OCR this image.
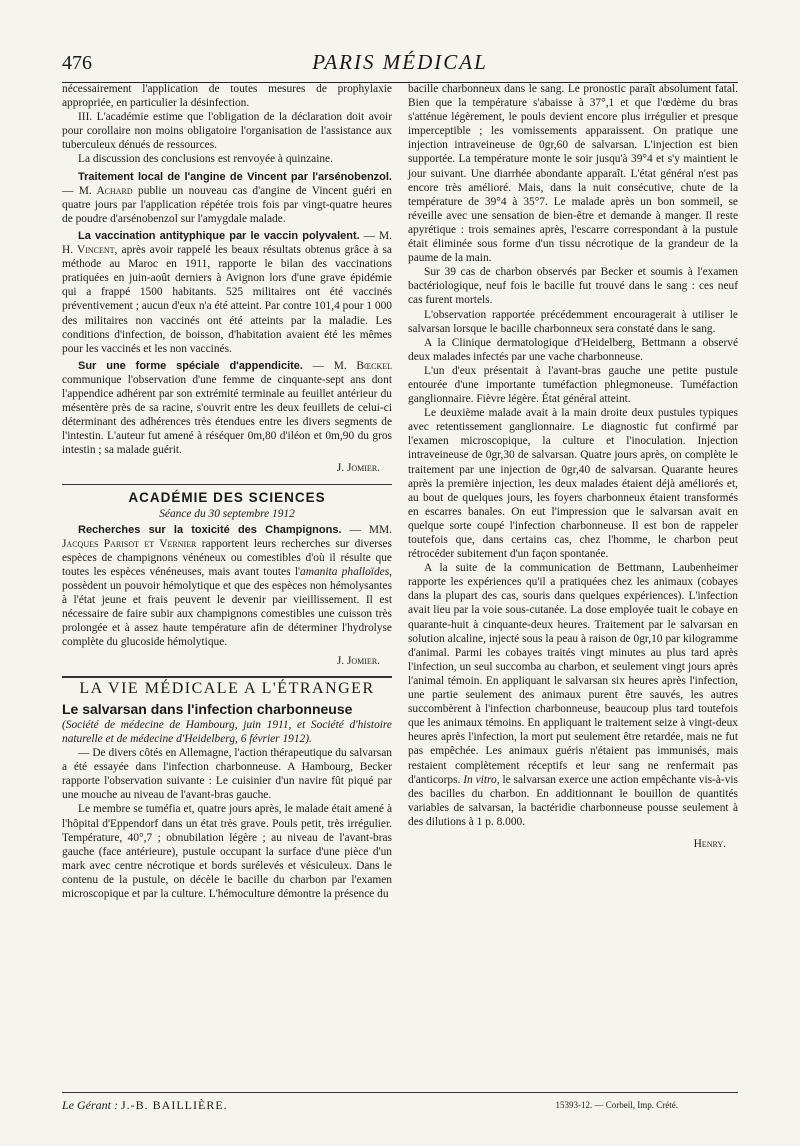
476	PARIS MÉDICAL

nécessairement l'application de toutes mesures de prophylaxie appropriée, en particulier la désinfection.

III. L'académie estime que l'obligation de la déclaration doit avoir pour corollaire non moins obligatoire l'organisation de l'assistance aux tuberculeux dénués de ressources.

La discussion des conclusions est renvoyée à quinzaine.

Traitement local de l'angine de Vincent par l'arsénobenzol. — M. Achard publie un nouveau cas d'angine de Vincent guéri en quatre jours par l'application répétée trois fois par vingt-quatre heures de poudre d'arsénobenzol sur l'amygdale malade.

La vaccination antityphique par le vaccin polyvalent. — M. H. Vincent, après avoir rappelé les beaux résultats obtenus grâce à sa méthode au Maroc en 1911, rapporte le bilan des vaccinations pratiquées en juin-août derniers à Avignon lors d'une grave épidémie qui a frappé 1500 habitants. 525 militaires ont été vaccinés préventivement ; aucun d'eux n'a été atteint. Par contre 101,4 pour 1 000 des militaires non vaccinés ont été atteints par la maladie. Les conditions d'infection, de boisson, d'habitation avaient été les mêmes pour les vaccinés et les non vaccinés.

Sur une forme spéciale d'appendicite. — M. Bœckel communique l'observation d'une femme de cinquante-sept ans dont l'appendice adhérent par son extrémité terminale au feuillet antérieur du mésentère près de sa racine, s'ouvrit entre les deux feuillets de celui-ci déterminant des adhérences très étendues entre les divers segments de l'intestin. L'auteur fut amené à réséquer 0m,80 d'iléon et 0m,90 du gros intestin ; sa malade guérit.

J. Jomier.
ACADÉMIE DES SCIENCES
Séance du 30 septembre 1912

Recherches sur la toxicité des Champignons. — MM. Jacques Parisot et Vernier rapportent leurs recherches sur diverses espèces de champignons vénéneux ou comestibles d'où il résulte que toutes les espèces vénéneuses, mais avant toutes l'amanita phalloïdes, possèdent un pouvoir hémolytique et que des espèces non hémolysantes à l'état jeune et frais peuvent le devenir par vieillissement. Il est nécessaire de faire subir aux champignons comestibles une cuisson très prolongée et à assez haute température afin de déterminer l'hydrolyse complète du glucoside hémolytique.

J. Jomier.
LA VIE MÉDICALE A L'ÉTRANGER
Le salvarsan dans l'infection charbonneuse

(Société de médecine de Hambourg, juin 1911, et Société d'histoire naturelle et de médecine d'Heidelberg, 6 février 1912).

— De divers côtés en Allemagne, l'action thérapeutique du salvarsan a été essayée dans l'infection charbonneuse. A Hambourg, Becker rapporte l'observation suivante : Le cuisinier d'un navire fût piqué par une mouche au niveau de l'avant-bras gauche.

Le membre se tuméfia et, quatre jours après, le malade était amené à l'hôpital d'Eppendorf dans un état très grave. Pouls petit, très irrégulier. Température, 40°,7 ; obnubilation légère ; au niveau de l'avant-bras gauche (face antérieure), pustule occupant la surface d'une pièce d'un mark avec centre nécrotique et bords surélevés et vésiculeux. Dans le contenu de la pustule, on décèle le bacille du charbon par l'examen microscopique et par la culture. L'hémoculture démontre la présence du

bacille charbonneux dans le sang. Le pronostic paraît absolument fatal. Bien que la température s'abaisse à 37°,1 et que l'œdème du bras s'atténue légèrement, le pouls devient encore plus irrégulier et presque imperceptible ; les vomissements apparaissent. On pratique une injection intraveineuse de 0gr,60 de salvarsan. L'injection est bien supportée. La température monte le soir jusqu'à 39°4 et s'y maintient le jour suivant. Une diarrhée abondante apparaît. L'état général n'est pas encore très amélioré. Mais, dans la nuit consécutive, chute de la température de 39°4 à 35°7. Le malade après un bon sommeil, se réveille avec une sensation de bien-être et demande à manger. Il reste apyrétique : trois semaines après, l'escarre correspondant à la pustule était éliminée sous forme d'un tissu nécrotique de la grandeur de la paume de la main.

Sur 39 cas de charbon observés par Becker et soumis à l'examen bactériologique, neuf fois le bacille fut trouvé dans le sang : ces neuf cas furent mortels.

L'observation rapportée précédemment encouragerait à utiliser le salvarsan lorsque le bacille charbonneux sera constaté dans le sang.

A la Clinique dermatologique d'Heidelberg, Bettmann a observé deux malades infectés par une vache charbonneuse.

L'un d'eux présentait à l'avant-bras gauche une petite pustule entourée d'une importante tuméfaction phlegmoneuse. Tuméfaction ganglionnaire. Fièvre légère. État général atteint.

Le deuxième malade avait à la main droite deux pustules typiques avec retentissement ganglionnaire. Le diagnostic fut confirmé par l'examen microscopique, la culture et l'inoculation. Injection intraveineuse de 0gr,30 de salvarsan. Quatre jours après, on complète le traitement par une injection de 0gr,40 de salvarsan. Quarante heures après la première injection, les deux malades étaient déjà améliorés et, au bout de quelques jours, les foyers charbonneux étaient transformés en escarres banales. On eut l'impression que le salvarsan avait en quelque sorte coupé l'infection charbonneuse. Il est bon de rappeler toutefois que, dans certains cas, chez l'homme, le charbon peut rétrocéder subitement d'un façon spontanée.

A la suite de la communication de Bettmann, Laubenheimer rapporte les expériences qu'il a pratiquées chez les animaux (cobayes dans la plupart des cas, souris dans quelques expériences). L'infection avait lieu par la voie sous-cutanée. La dose employée tuait le cobaye en quarante-huit à cinquante-deux heures. Traitement par le salvarsan en solution alcaline, injecté sous la peau à raison de 0gr,10 par kilogramme d'animal. Parmi les cobayes traités vingt minutes au plus tard après l'infection, un seul succomba au charbon, et seulement vingt jours après l'animal témoin. En appliquant le salvarsan six heures après l'infection, une partie seulement des animaux purent être sauvés, les autres succombèrent à l'infection charbonneuse, beaucoup plus tard toutefois que les animaux témoins. En appliquant le traitement seize à vingt-deux heures après l'infection, la mort put seulement être retardée, mais ne fut pas empêchée. Les animaux guéris n'étaient pas immunisés, mais restaient complètement réceptifs et leur sang ne renfermait pas d'anticorps. In vitro, le salvarsan exerce une action empêchante vis-à-vis des bacilles du charbon. En additionnant le bouillon de quantités variables de salvarsan, la bactéridie charbonneuse pousse seulement à des dilutions à 1 p. 8.000.

Henry.
Le Gérant : J.-B. BAILLIÈRE.	15393-12. — Corbeil, Imp. Crété.
